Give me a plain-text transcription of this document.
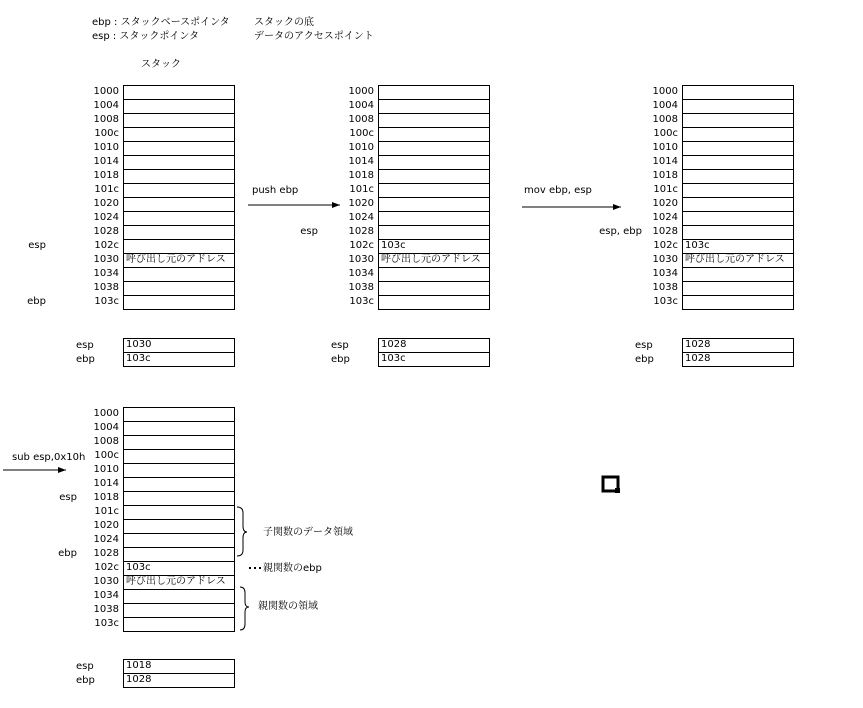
ebp : スタックベースポインタ スタックの底
esp : スタックポインタ	データのアクセスポイント
スタック
push ebp	mov ebp, esp
sub esp,0x10h
子関数のデータ領域
親関数のebp
親関数の領域
1000
1004
1008
100c
1010
1014
1018
101c
1020
1024
1028
102c
1030 呼び出し元のアドレス
1034
1038
103c
esp
ebp
esp	1030
ebp	103c
1000
1004
1008
100c
1010
1014
1018
101c
1020
1024
1028
102c 103c
1030 呼び出し元のアドレス
1034
1038
103c
esp
esp	1028
ebp	103c
1000
1004
1008
100c
1010
1014
1018
101c
1020
1024
1028
102c 103c
1030 呼び出し元のアドレス
1034
1038
103c
esp, ebp
esp	1028
ebp	1028
1000
1004
1008
100c
1010
1014
1018
101c
1020
1024
1028
102c 103c
1030 呼び出し元のアドレス
1034
1038
103c
esp
ebp
esp	1018
ebp	1028
